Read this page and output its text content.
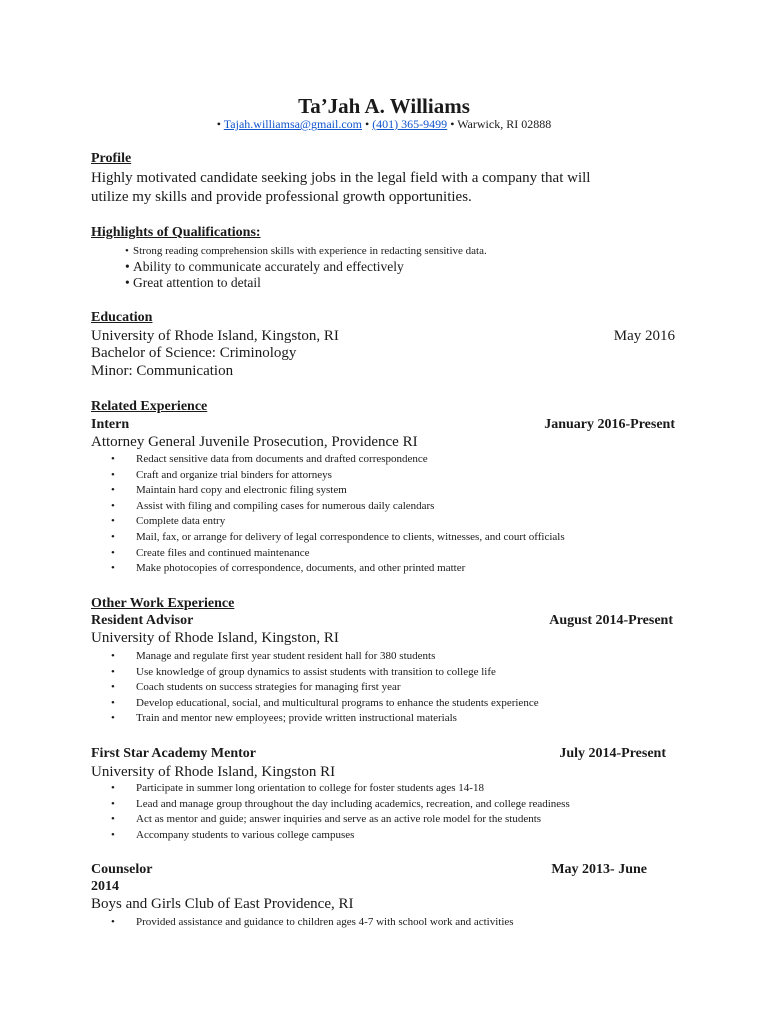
Ta’Jah A. Williams
• Tajah.williamsa@gmail.com • (401) 365-9499 • Warwick, RI 02888
Profile
Highly motivated candidate seeking jobs in the legal field with a company that will
utilize my skills and provide professional growth opportunities.
Highlights of Qualifications:
• Strong reading comprehension skills with experience in redacting sensitive data.
• Ability to communicate accurately and effectively
• Great attention to detail
Education
University of Rhode Island, Kingston, RI	May 2016
Bachelor of Science: Criminology
Minor: Communication
Related Experience
Intern	January 2016-Present
Attorney General Juvenile Prosecution, Providence RI
• Redact sensitive data from documents and drafted correspondence
• Craft and organize trial binders for attorneys
• Maintain hard copy and electronic filing system
• Assist with filing and compiling cases for numerous daily calendars
• Complete data entry
• Mail, fax, or arrange for delivery of legal correspondence to clients, witnesses, and court officials
• Create files and continued maintenance
• Make photocopies of correspondence, documents, and other printed matter
Other Work Experience
Resident Advisor	August 2014-Present
University of Rhode Island, Kingston, RI
• Manage and regulate first year student resident hall for 380 students
• Use knowledge of group dynamics to assist students with transition to college life
• Coach students on success strategies for managing first year
• Develop educational, social, and multicultural programs to enhance the students experience
• Train and mentor new employees; provide written instructional materials
First Star Academy Mentor	July 2014-Present
University of Rhode Island, Kingston RI
• Participate in summer long orientation to college for foster students ages 14-18
• Lead and manage group throughout the day including academics, recreation, and college readiness
• Act as mentor and guide; answer inquiries and serve as an active role model for the students
• Accompany students to various college campuses
Counselor	May 2013- June
2014
Boys and Girls Club of East Providence, RI
• Provided assistance and guidance to children ages 4-7 with school work and activities
